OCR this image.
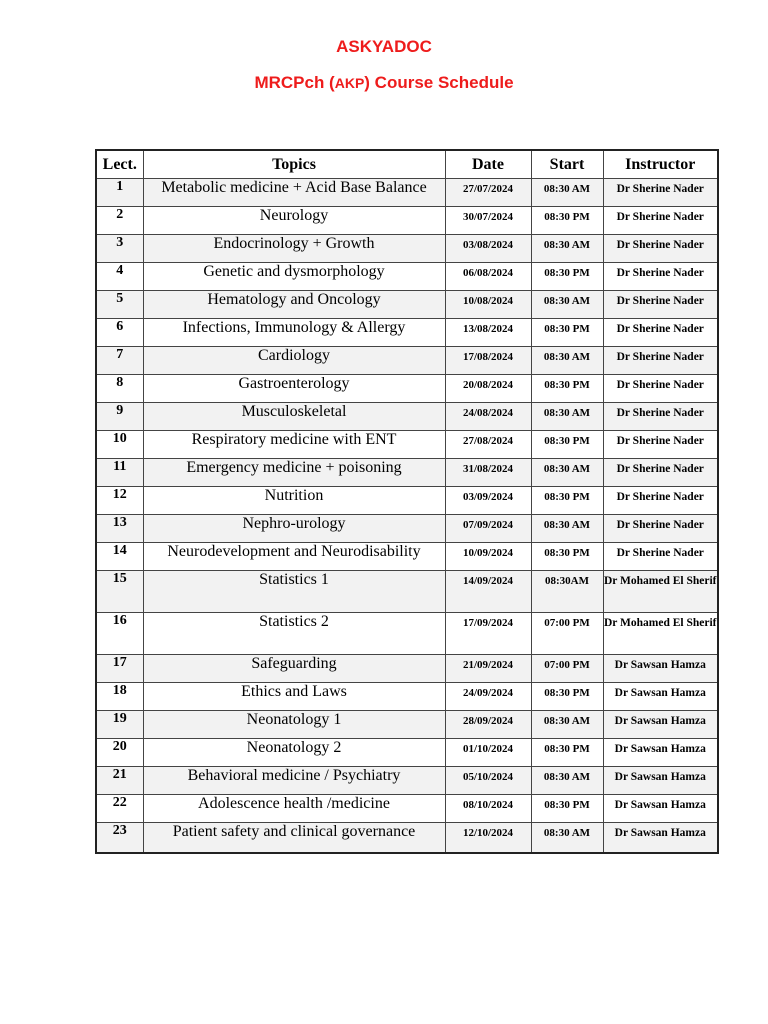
ASKYADOC
MRCPch (AKP) Course Schedule
Lect.	Topics	Date	Start	Instructor
1	Metabolic medicine + Acid Base Balance	27/07/2024	08:30 AM	Dr Sherine Nader
2	Neurology	30/07/2024	08:30 PM	Dr Sherine Nader
3	Endocrinology + Growth	03/08/2024	08:30 AM	Dr Sherine Nader
4	Genetic and dysmorphology	06/08/2024	08:30 PM	Dr Sherine Nader
5	Hematology and Oncology	10/08/2024	08:30 AM	Dr Sherine Nader
6	Infections, Immunology & Allergy	13/08/2024	08:30 PM	Dr Sherine Nader
7	Cardiology	17/08/2024	08:30 AM	Dr Sherine Nader
8	Gastroenterology	20/08/2024	08:30 PM	Dr Sherine Nader
9	Musculoskeletal	24/08/2024	08:30 AM	Dr Sherine Nader
10	Respiratory medicine with ENT	27/08/2024	08:30 PM	Dr Sherine Nader
11	Emergency medicine + poisoning	31/08/2024	08:30 AM	Dr Sherine Nader
12	Nutrition	03/09/2024	08:30 PM	Dr Sherine Nader
13	Nephro-urology	07/09/2024	08:30 AM	Dr Sherine Nader
14	Neurodevelopment and Neurodisability	10/09/2024	08:30 PM	Dr Sherine Nader
15	Statistics 1	14/09/2024	08:30AM	Dr Mohamed El Sherif
16	Statistics 2	17/09/2024	07:00 PM	Dr Mohamed El Sherif
17	Safeguarding	21/09/2024	07:00 PM	Dr Sawsan Hamza
18	Ethics and Laws	24/09/2024	08:30 PM	Dr Sawsan Hamza
19	Neonatology 1	28/09/2024	08:30 AM	Dr Sawsan Hamza
20	Neonatology 2	01/10/2024	08:30 PM	Dr Sawsan Hamza
21	Behavioral medicine / Psychiatry	05/10/2024	08:30 AM	Dr Sawsan Hamza
22	Adolescence health /medicine	08/10/2024	08:30 PM	Dr Sawsan Hamza
23	Patient safety and clinical governance	12/10/2024	08:30 AM	Dr Sawsan Hamza
